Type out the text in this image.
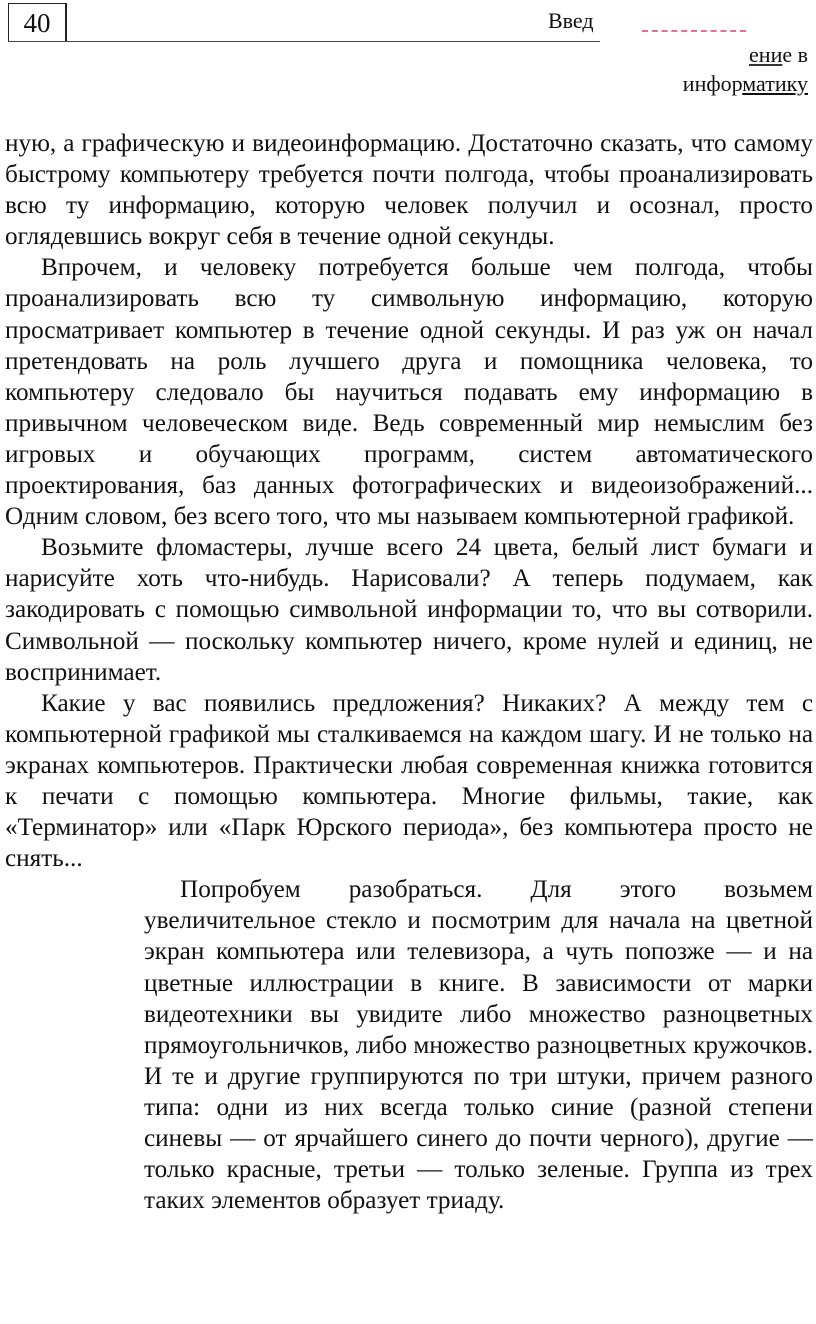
40	Введ
ение в
информатику

ную, а графическую и видеоинформацию. Достаточно сказать, что самому быстрому компьютеру требуется почти полгода, чтобы проанализировать всю ту информацию, которую человек получил и осознал, просто оглядевшись вокруг себя в течение одной секунды.

Впрочем, и человеку потребуется больше чем полгода, чтобы проанализировать всю ту символьную информацию, которую просматривает компьютер в течение одной секунды. И раз уж он начал претендовать на роль лучшего друга и помощника человека, то компьютеру следовало бы научиться подавать ему информацию в привычном человеческом виде. Ведь современный мир немыслим без игровых и обучающих программ, систем автоматического проектирования, баз данных фотографических и видеоизображений... Одним словом, без всего того, что мы называем компьютерной графикой.

Возьмите фломастеры, лучше всего 24 цвета, белый лист бумаги и нарисуйте хоть что-нибудь. Нарисовали? А теперь подумаем, как закодировать с помощью символьной информации то, что вы сотворили. Символьной — поскольку компьютер ничего, кроме нулей и единиц, не воспринимает.

Какие у вас появились предложения? Никаких? А между тем с компьютерной графикой мы сталкиваемся на каждом шагу. И не только на экранах компьютеров. Практически любая современная книжка готовится к печати с помощью компьютера. Многие фильмы, такие, как «Терминатор» или «Парк Юрского периода», без компьютера просто не снять...

Попробуем разобраться. Для этого возьмем увеличительное стекло и посмотрим для начала на цветной экран компьютера или телевизора, а чуть попозже — и на цветные иллюстрации в книге. В зависимости от марки видеотехники вы увидите либо множество разноцветных прямоугольничков, либо множество разноцветных кружочков. И те и другие группируются по три штуки, причем разного типа: одни из них всегда только синие (разной степени синевы — от ярчайшего синего до почти черного), другие — только красные, третьи — только зеленые. Группа из трех таких элементов образует триаду.
